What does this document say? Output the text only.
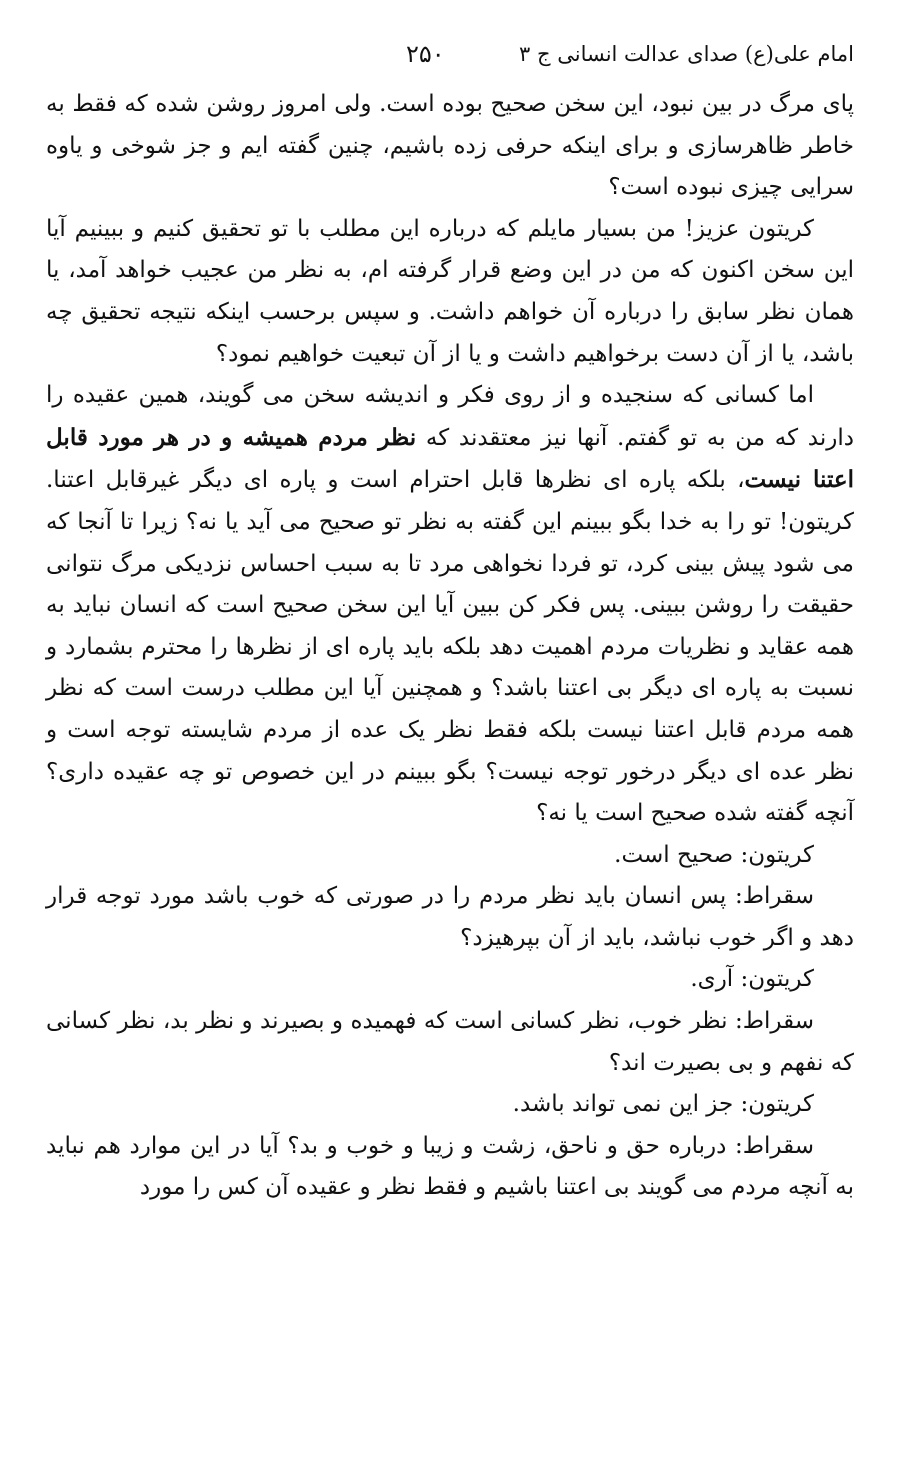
امام علی(ع) صدای عدالت انسانی ج ۳
۲۵۰

پای مرگ در بین نبود، این سخن صحیح بوده است. ولی امروز روشن شده که فقط به خاطر ظاهرسازی و برای اینکه حرفی زده باشیم، چنین گفته ایم و جز شوخی و یاوه سرایی چیزی نبوده است؟

کریتون عزیز! من بسیار مایلم که درباره این مطلب با تو تحقیق کنیم و ببینیم آیا این سخن اکنون که من در این وضع قرار گرفته ام، به نظر من عجیب خواهد آمد، یا همان نظر سابق را درباره آن خواهم داشت. و سپس برحسب اینکه نتیجه تحقیق چه باشد، یا از آن دست برخواهیم داشت و یا از آن تبعیت خواهیم نمود؟

اما کسانی که سنجیده و از روی فکر و اندیشه سخن می گویند، همین عقیده را دارند که من به تو گفتم. آنها نیز معتقدند که نظر مردم همیشه و در هر مورد قابل اعتنا نیست، بلکه پاره ای نظرها قابل احترام است و پاره ای دیگر غیرقابل اعتنا. کریتون! تو را به خدا بگو ببینم این گفته به نظر تو صحیح می آید یا نه؟ زیرا تا آنجا که می شود پیش بینی کرد، تو فردا نخواهی مرد تا به سبب احساس نزدیکی مرگ نتوانی حقیقت را روشن ببینی. پس فکر کن ببین آیا این سخن صحیح است که انسان نباید به همه عقاید و نظریات مردم اهمیت دهد بلکه باید پاره ای از نظرها را محترم بشمارد و نسبت به پاره ای دیگر بی اعتنا باشد؟ و همچنین آیا این مطلب درست است که نظر همه مردم قابل اعتنا نیست بلکه فقط نظر یک عده از مردم شایسته توجه است و نظر عده ای دیگر درخور توجه نیست؟ بگو ببینم در این خصوص تو چه عقیده داری؟ آنچه گفته شده صحیح است یا نه؟

کریتون: صحیح است.

سقراط: پس انسان باید نظر مردم را در صورتی که خوب باشد مورد توجه قرار دهد و اگر خوب نباشد، باید از آن بپرهیزد؟

کریتون: آری.

سقراط: نظر خوب، نظر کسانی است که فهمیده و بصیرند و نظر بد، نظر کسانی که نفهم و بی بصیرت اند؟

کریتون: جز این نمی تواند باشد.

سقراط: درباره حق و ناحق، زشت و زیبا و خوب و بد؟ آیا در این موارد هم نباید به آنچه مردم می گویند بی اعتنا باشیم و فقط نظر و عقیده آن کس را مورد
